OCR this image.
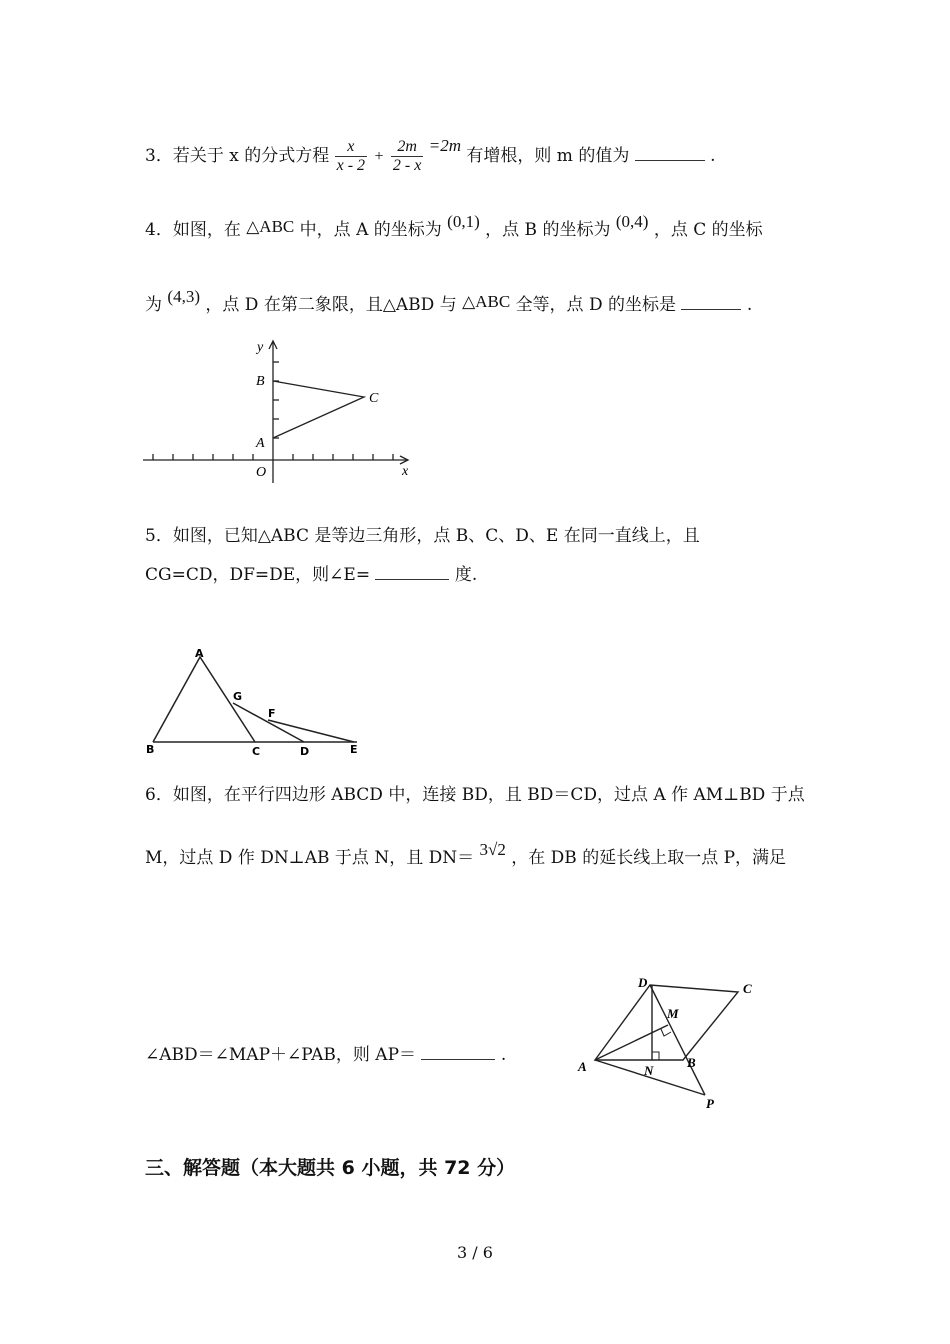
3．若关于 x 的分式方程 $\frac{x}{x - 2} + \frac{2m}{2 - x} =2m$ 有增根，则 m 的值为	.
4．如图，在 △ABC 中，点 A 的坐标为 (0,1) ，点 B 的坐标为 (0,4) ，点 C 的坐标
为 (4,3) ，点 D 在第二象限，且△ABD 与 △ABC 全等，点 D 的坐标是	.
y
x
B
C
A
O
5．如图，已知△ABC 是等边三角形，点 B、C、D、E 在同一直线上，且
CG=CD，DF=DE，则∠E=	度.
A
G
F
B	C	D	E
6．如图，在平行四边形 ABCD 中，连接 BD，且 BD＝CD，过点 A 作 AM⊥BD 于点
M，过点 D 作 DN⊥AB 于点 N，且 DN＝ 3√2 ，在 DB 的延长线上取一点 P，满足
∠ABD＝∠MAP＋∠PAB，则 AP＝	.
D	C
M
A	N
B
P
三、解答题（本大题共 6 小题，共 72 分）
3 / 6
